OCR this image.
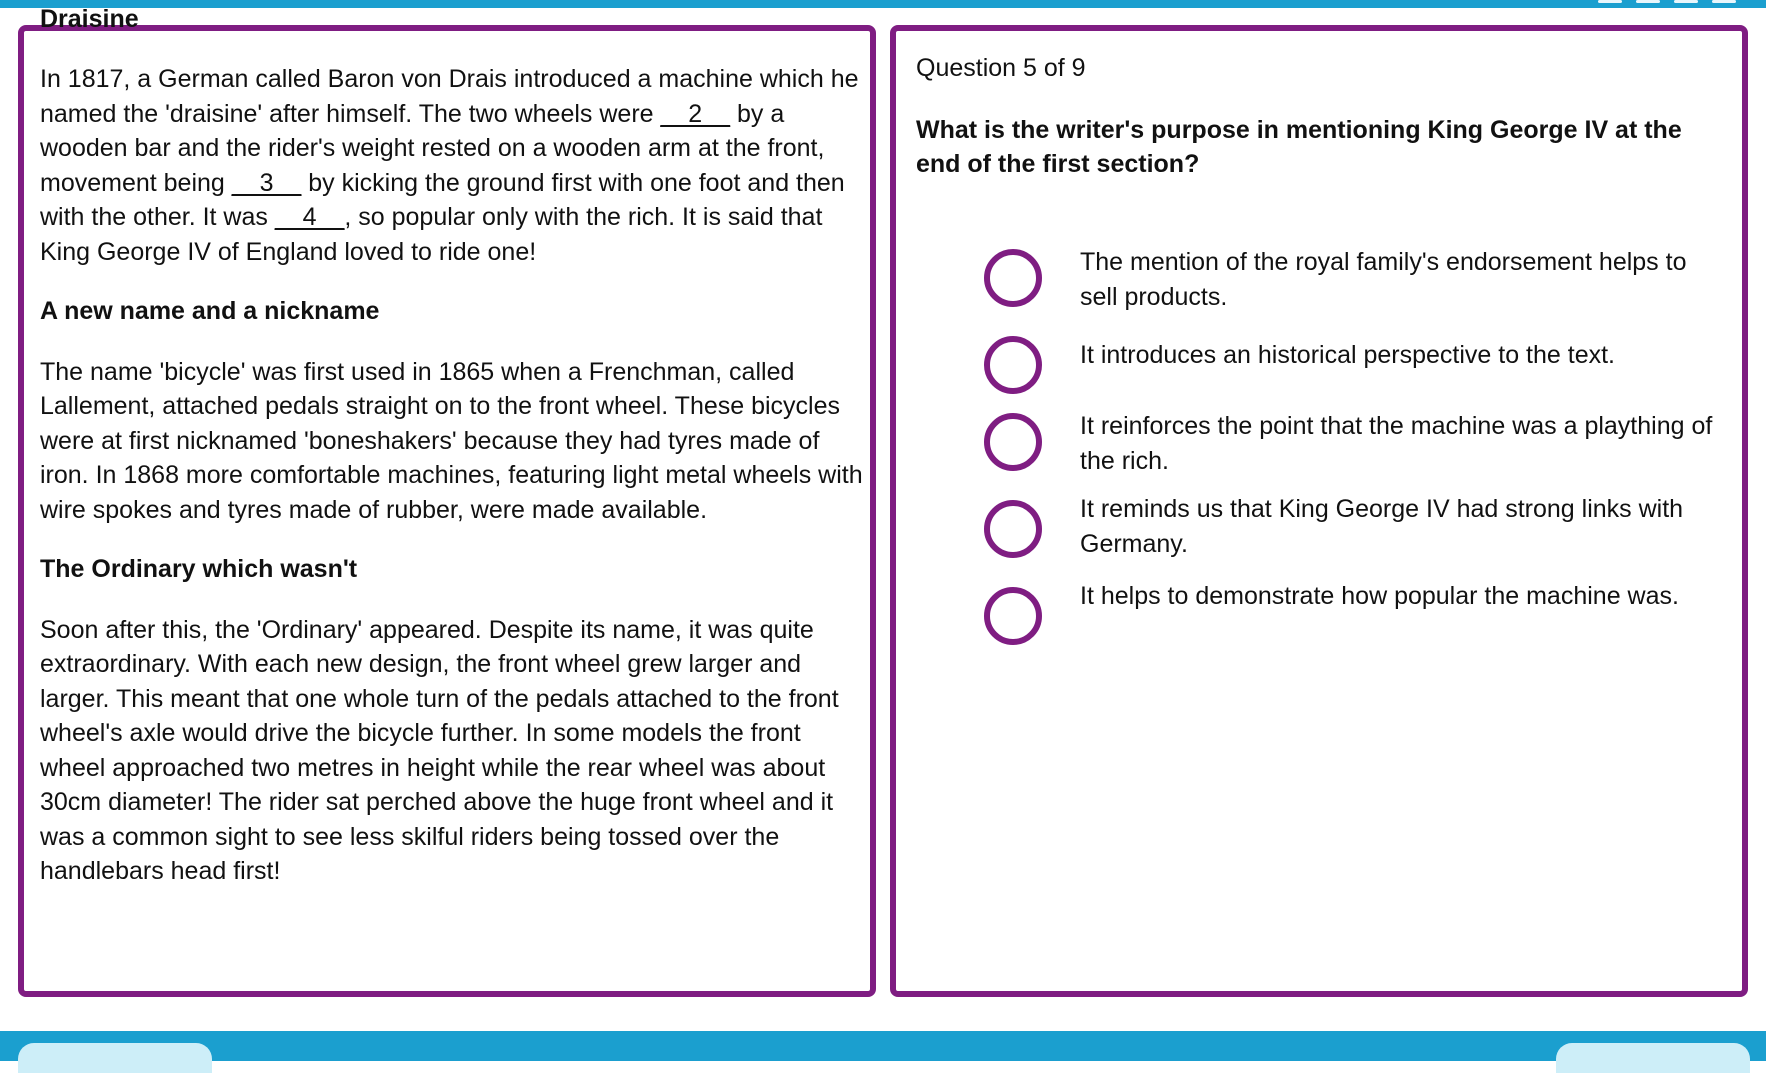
Draisine

In 1817, a German called Baron von Drais introduced a machine which he named the 'draisine' after himself. The two wheels were __2__ by a wooden bar and the rider's weight rested on a wooden arm at the front, movement being __3__ by kicking the ground first with one foot and then with the other. It was __4__, so popular only with the rich. It is said that King George IV of England loved to ride one!

A new name and a nickname

The name 'bicycle' was first used in 1865 when a Frenchman, called Lallement, attached pedals straight on to the front wheel. These bicycles were at first nicknamed 'boneshakers' because they had tyres made of iron. In 1868 more comfortable machines, featuring light metal wheels with wire spokes and tyres made of rubber, were made available.

The Ordinary which wasn't

Soon after this, the 'Ordinary' appeared. Despite its name, it was quite extraordinary. With each new design, the front wheel grew larger and larger. This meant that one whole turn of the pedals attached to the front wheel's axle would drive the bicycle further. In some models the front wheel approached two metres in height while the rear wheel was about 30cm diameter! The rider sat perched above the huge front wheel and it was a common sight to see less skilful riders being tossed over the handlebars head first!

Question 5 of 9
What is the writer's purpose in mentioning King George IV at the end of the first section?
The mention of the royal family's endorsement helps to sell products.
It introduces an historical perspective to the text.
It reinforces the point that the machine was a plaything of the rich.
It reminds us that King George IV had strong links with Germany.
It helps to demonstrate how popular the machine was.
